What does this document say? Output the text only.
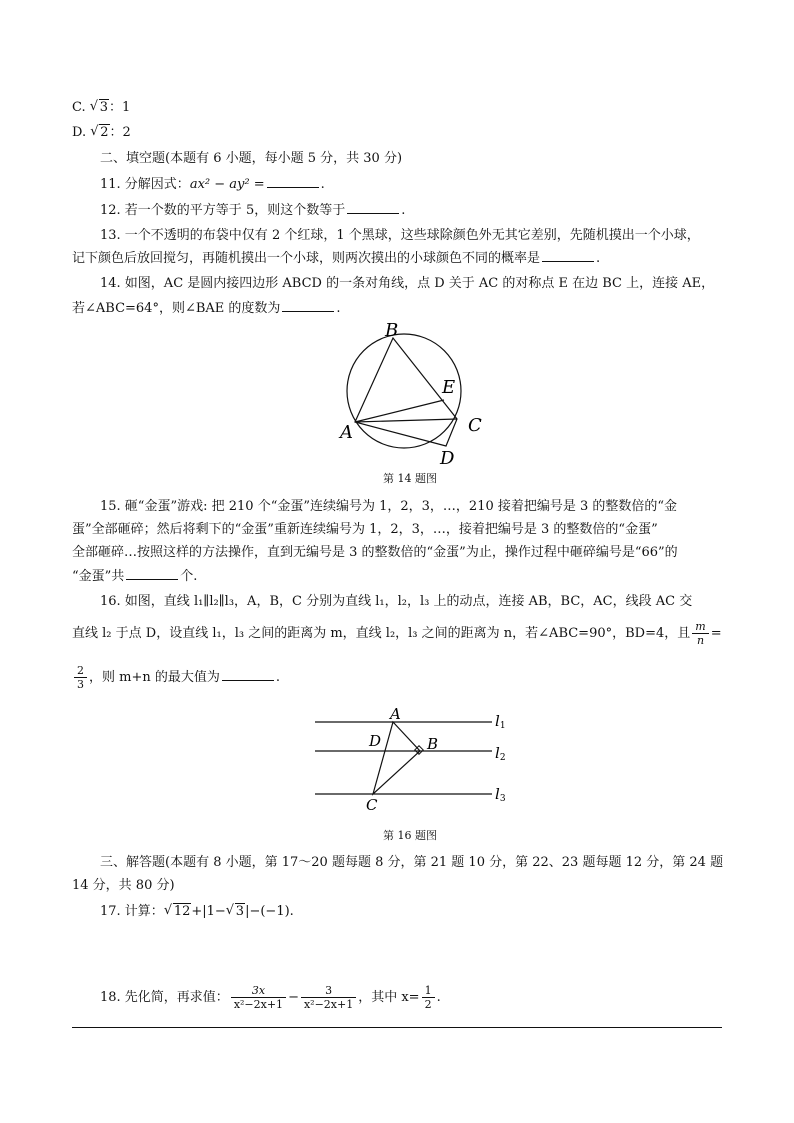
C. √ 3：1
D. √ 2：2
二、填空题(本题有 6 小题，每小题 5 分，共 30 分)
11. 分解因式：ax² − ay² =	.
12. 若一个数的平方等于 5，则这个数等于	.
13. 一个不透明的布袋中仅有 2 个红球，1 个黑球，这些球除颜色外无其它差别，先随机摸出一个小球，
记下颜色后放回搅匀，再随机摸出一个小球，则两次摸出的小球颜色不同的概率是	.
14. 如图，AC 是圆内接四边形 ABCD 的一条对角线，点 D 关于 AC 的对称点 E 在边 BC 上，连接 AE，
若∠ABC=64°，则∠BAE 的度数为	.
A
B
C
D
E
第 14 题图
15. 砸“金蛋”游戏: 把 210 个“金蛋”连续编号为 1，2，3，…，210 接着把编号是 3 的整数倍的“金
蛋”全部砸碎；然后将剩下的“金蛋”重新连续编号为 1，2，3，…，接着把编号是 3 的整数倍的“金蛋”
全部砸碎…按照这样的方法操作，直到无编号是 3 的整数倍的“金蛋”为止，操作过程中砸碎编号是“66”的
“金蛋”共	个.
16. 如图，直线 l₁∥l₂∥l₃，A，B，C 分别为直线 l₁，l₂，l₃ 上的动点，连接 AB，BC，AC，线段 AC 交
直线 l₂ 于点 D，设直线 l₁，l₃ 之间的距离为 m，直线 l₂，l₃ 之间的距离为 n，若∠ABC=90°，BD=4，且 $\frac{m}{n}$ =
$\frac{2}{3}$ ，则 m+n 的最大值为	.
A
B
C
D
l1
l2
l3
第 16 题图
三、解答题(本题有 8 小题，第 17～20 题每题 8 分，第 21 题 10 分，第 22、23 题每题 12 分，第 24 题
14 分，共 80 分)
17. 计算： √ 12+|1− √ 3|−(−1).
18. 先化简，再求值： $\frac{3x}{\text{x²−2x+1}} - \frac{3}{\text{x²−2x+1}}$ ，其中 $x= \frac{1}{2}$ .
